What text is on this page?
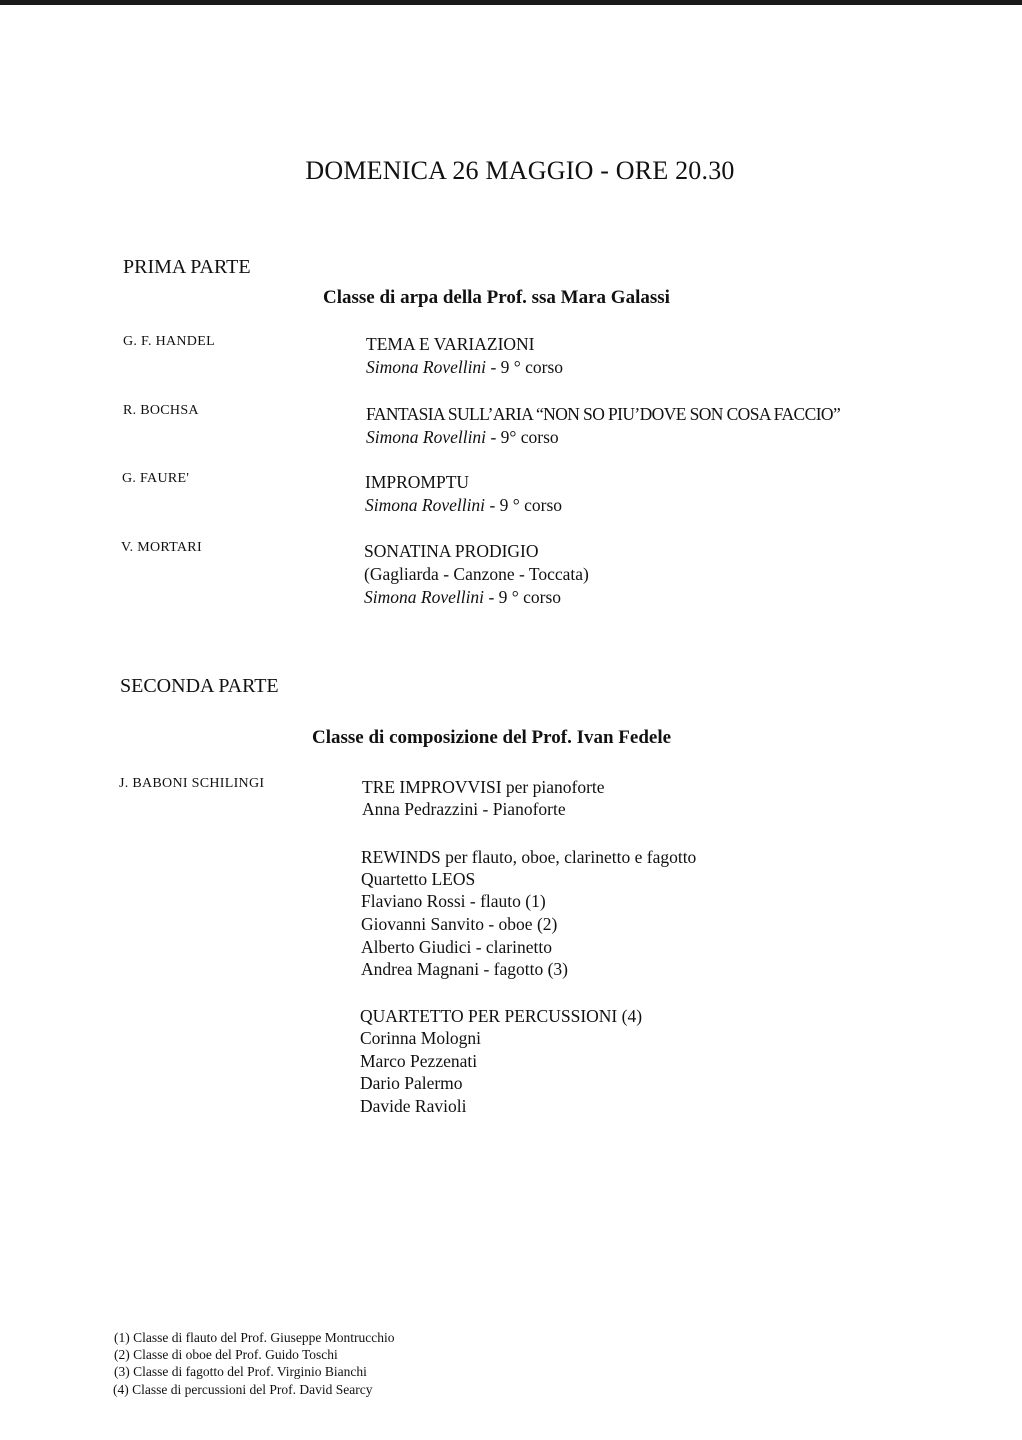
DOMENICA 26 MAGGIO - ORE 20.30
PRIMA PARTE
Classe di arpa della Prof. ssa Mara Galassi
G. F. HANDEL	TEMA E VARIAZIONI
Simona Rovellini - 9 ° corso
R. BOCHSA	FANTASIA SULL’ARIA “NON SO PIU’DOVE SON COSA FACCIO”
Simona Rovellini - 9° corso
G. FAURE'	IMPROMPTU
Simona Rovellini - 9 ° corso
V. MORTARI	SONATINA PRODIGIO
(Gagliarda - Canzone - Toccata)
Simona Rovellini - 9 ° corso
SECONDA PARTE
Classe di composizione del Prof. Ivan Fedele
J. BABONI SCHILINGI	TRE IMPROVVISI per pianoforte
Anna Pedrazzini - Pianoforte
REWINDS per flauto, oboe, clarinetto e fagotto
Quartetto LEOS
Flaviano Rossi - flauto (1)
Giovanni Sanvito - oboe (2)
Alberto Giudici - clarinetto
Andrea Magnani - fagotto (3)
QUARTETTO PER PERCUSSIONI (4)
Corinna Mologni
Marco Pezzenati
Dario Palermo
Davide Ravioli
(1) Classe di flauto del Prof. Giuseppe Montrucchio
(2) Classe di oboe del Prof. Guido Toschi
(3) Classe di fagotto del Prof. Virginio Bianchi
(4) Classe di percussioni del Prof. David Searcy
